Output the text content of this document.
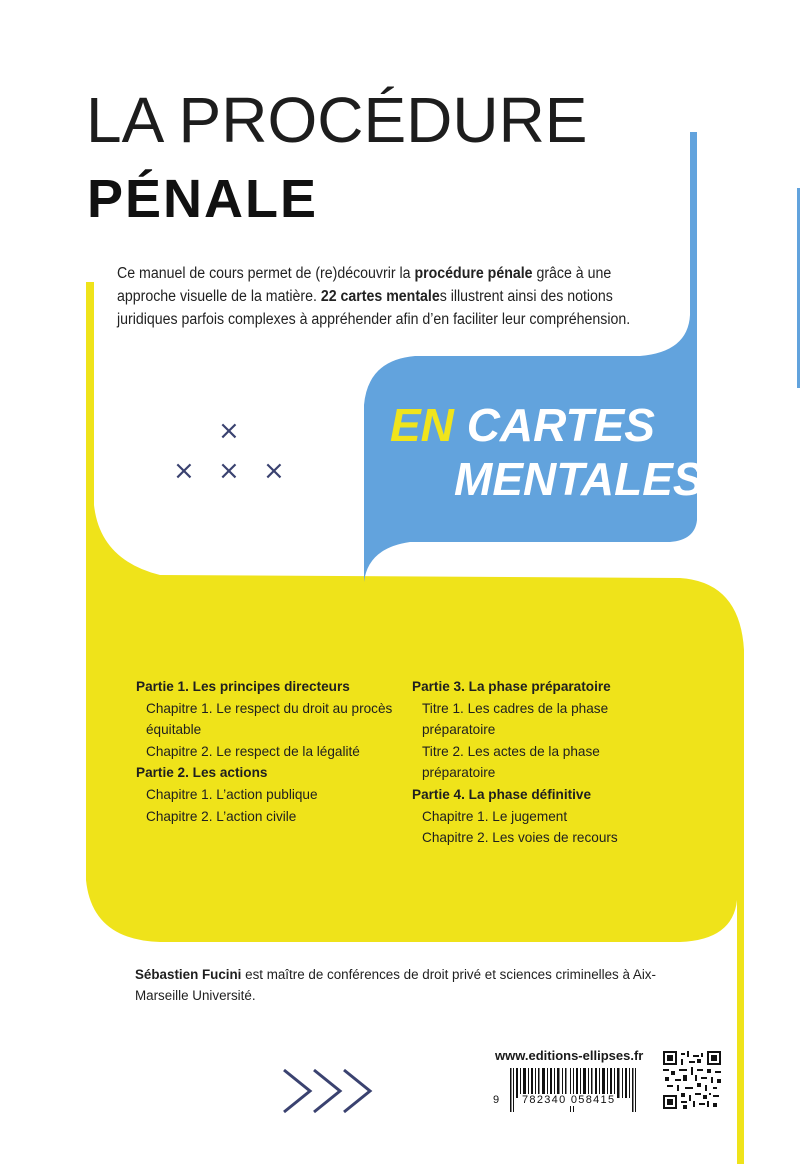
LA PROCÉDURE
PÉNALE
Ce manuel de cours permet de (re)découvrir la procédure pénale grâce à une approche visuelle de la matière. 22 cartes mentales illustrent ainsi des notions juridiques parfois complexes à appréhender afin d’en faciliter leur compréhension.
EN CARTES
MENTALES
×
× × ×
Partie 1. Les principes directeurs
Chapitre 1. Le respect du droit au procès
équitable
Chapitre 2. Le respect de la légalité
Partie 2. Les actions
Chapitre 1. L’action publique
Chapitre 2. L’action civile
Partie 3. La phase préparatoire
Titre 1. Les cadres de la phase préparatoire
Titre 2. Les actes de la phase préparatoire
Partie 4. La phase définitive
Chapitre 1. Le jugement
Chapitre 2. Les voies de recours
Sébastien Fucini est maître de conférences de droit privé et sciences criminelles à Aix-Marseille Université.
www.editions-ellipses.fr
9 782340 058415
